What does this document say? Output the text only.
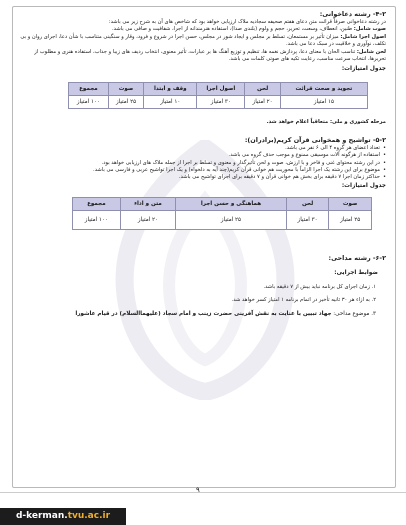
۴-۲- رشته دعاخوانی:

در رشته دعاخوانی صرفاً قرائت متن دعای هفتم صحیفه سجادیه ملاک ارزیابی خواهد بود که شاخص های آن به شرح زیر می باشد:

صوت شامل: طنین، انعطاف، وسعت، تحریر، حجم و ولوم (بلندی صدا)، استفاده هنرمندانه از اجرا، شفافیت و صافی می باشد.

اصول اجرا شامل: میزان تأثیر بر مستمعان، تسلط بر مجلس و ایجاد شور در مجلس، حسن اجرا در شروع و فرود، وقار و سنگینی متناسب با شأن دعا، اجرای روان و بی تکلف، نوآوری و خلاقیت در سبک دعا می باشد.

لحن شامل: تناسب الحان با معنای دعا، پردازش نغمه ها، تنظیم و توزیع آهنگ ها بر عبارات، تأثیر معنوی، انتخاب ردیف های زیبا و جذاب، استفاده هنری و مطلوب از تحریرها، انتخاب سرعت مناسب، رعایت تکیه های صوتی کلمات می باشد.

جدول امتیازات:

تجوید و صحت قرائت	لحن	اصول اجرا	وقف و ابتدا	صوت	مجموع
۱۵ امتیاز	۲۰ امتیاز	۳۰ امتیاز	۱۰ امتیاز	۲۵ امتیاز	۱۰۰ امتیاز

مرحله کشوری و ملی: متعاقباً اعلام خواهد شد.

۵-۲- تواشیح و همخوانی قرآن کریم(برادران):

• تعداد اعضای هر گروه ۴ الی ۶ نفر می باشد.

• استفاده از هرگونه آلات موسیقی ممنوع و موجب حذف گروه می باشد.

• در این رشته محتوای غنی و فاخر و با ارزش، صوت و لحن تأثیرگذار و معنوی و تسلط بر اجرا از جمله ملاک های ارزیابی خواهد بود.

• موضوع برای این رشته یک اجرا الزاماً با محوریت هم خوانی قرآن کریم(چند آیه به دلخواه) و یک اجرا تواشیح عربی و فارسی می باشد.

• حداکثر زمان اجرا ۷ دقیقه برای بخش هم خوانی قرآن و ۷ دقیقه برای اجرای تواشیح می باشد.

جدول امتیازات:

صوت	لحن	هماهنگی و حسن اجرا	متن و اداء	مجموع
۲۵ امتیاز	۳۰ امتیاز	۲۵ امتیاز	۲۰ امتیاز	۱۰۰ امتیاز

۶-۲- رشته مداحی:

ضوابط اجرایی:

۱. زمان اجرای کل برنامه نباید بیش از ۷ دقیقه باشد.

۲. به ازاء هر ۳۰ ثانیه تأخیر در اتمام برنامه ۱ امتیاز کسر خواهد شد.

۳. موضوع مداحی: جهاد تبیین با عنایت به نقش آفرینی حضرت زینب و امام سجاد (علیهماالسلام) در قیام عاشورا

۹
d-kerman.tvu.ac.ir
